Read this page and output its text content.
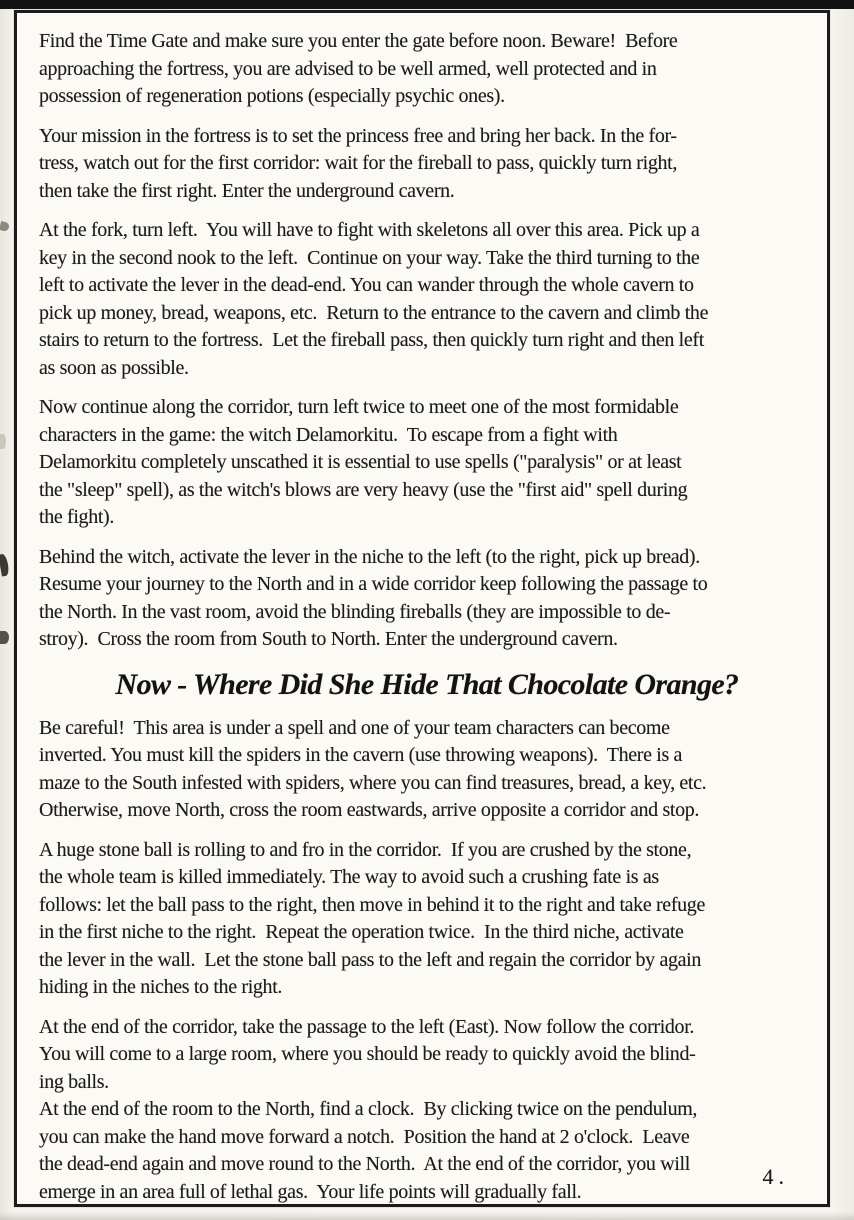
Find the Time Gate and make sure you enter the gate before noon. Beware!  Before
approaching the fortress, you are advised to be well armed, well protected and in
possession of regeneration potions (especially psychic ones).
Your mission in the fortress is to set the princess free and bring her back. In the for-
tress, watch out for the first corridor: wait for the fireball to pass, quickly turn right,
then take the first right. Enter the underground cavern.
At the fork, turn left.  You will have to fight with skeletons all over this area. Pick up a
key in the second nook to the left.  Continue on your way. Take the third turning to the
left to activate the lever in the dead-end. You can wander through the whole cavern to
pick up money, bread, weapons, etc.  Return to the entrance to the cavern and climb the
stairs to return to the fortress.  Let the fireball pass, then quickly turn right and then left
as soon as possible.
Now continue along the corridor, turn left twice to meet one of the most formidable
characters in the game: the witch Delamorkitu.  To escape from a fight with
Delamorkitu completely unscathed it is essential to use spells ("paralysis" or at least
the "sleep" spell), as the witch's blows are very heavy (use the "first aid" spell during
the fight).
Behind the witch, activate the lever in the niche to the left (to the right, pick up bread).
Resume your journey to the North and in a wide corridor keep following the passage to
the North. In the vast room, avoid the blinding fireballs (they are impossible to de-
stroy).  Cross the room from South to North. Enter the underground cavern.
Now - Where Did She Hide That Chocolate Orange?
Be careful!  This area is under a spell and one of your team characters can become
inverted. You must kill the spiders in the cavern (use throwing weapons).  There is a
maze to the South infested with spiders, where you can find treasures, bread, a key, etc.
Otherwise, move North, cross the room eastwards, arrive opposite a corridor and stop.
A huge stone ball is rolling to and fro in the corridor.  If you are crushed by the stone,
the whole team is killed immediately. The way to avoid such a crushing fate is as
follows: let the ball pass to the right, then move in behind it to the right and take refuge
in the first niche to the right.  Repeat the operation twice.  In the third niche, activate
the lever in the wall.  Let the stone ball pass to the left and regain the corridor by again
hiding in the niches to the right.
At the end of the corridor, take the passage to the left (East). Now follow the corridor.
You will come to a large room, where you should be ready to quickly avoid the blind-
ing balls.
At the end of the room to the North, find a clock.  By clicking twice on the pendulum,
you can make the hand move forward a notch.  Position the hand at 2 o'clock.  Leave
the dead-end again and move round to the North.  At the end of the corridor, you will
emerge in an area full of lethal gas.  Your life points will gradually fall.
4.
